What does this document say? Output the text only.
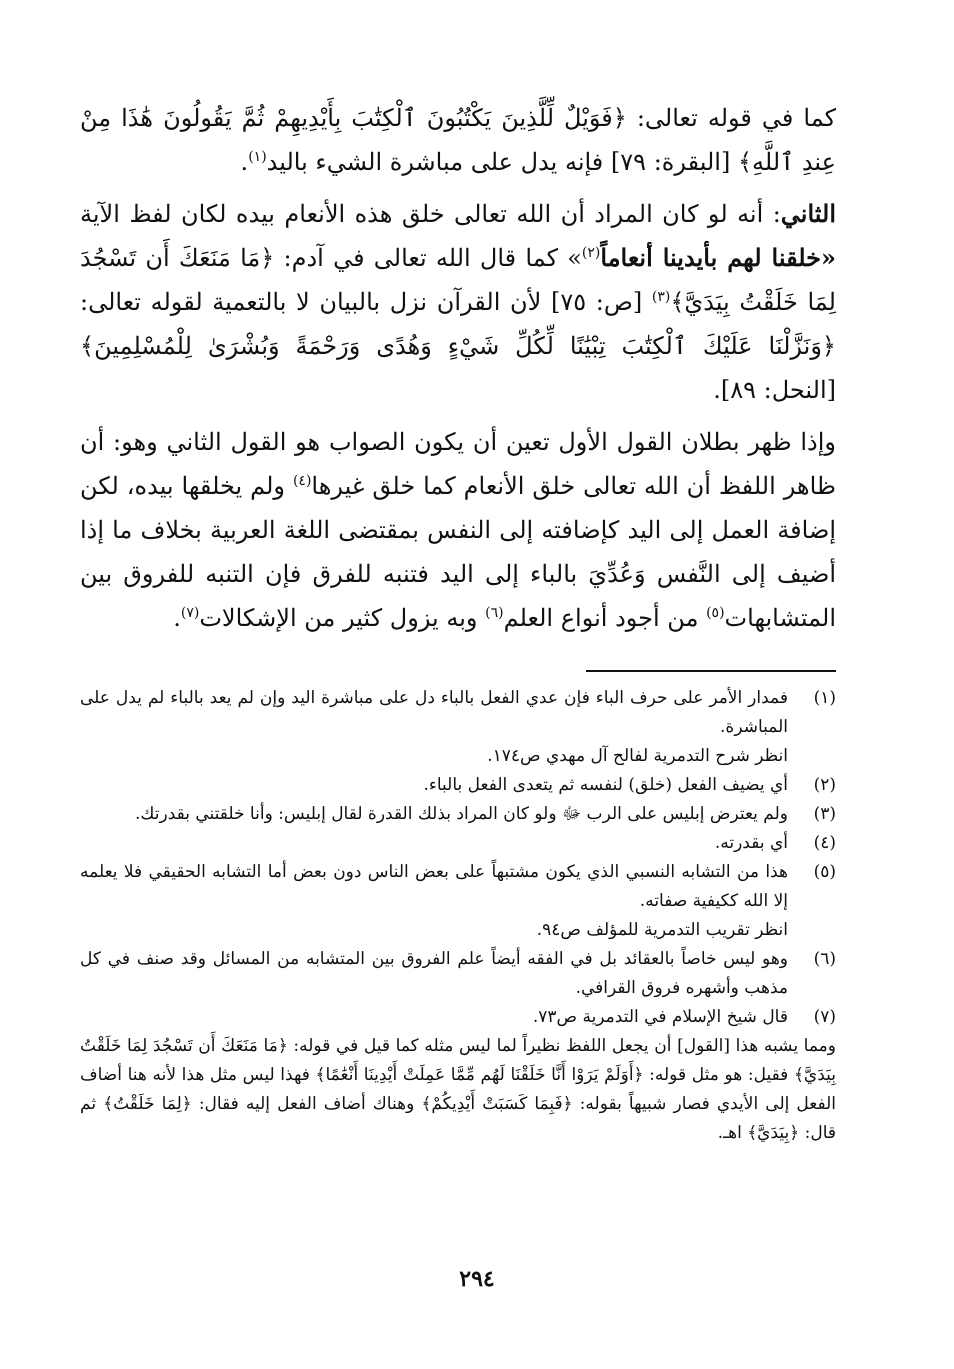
كما في قوله تعالى: ﴿فَوَيْلٌ لِّلَّذِينَ يَكْتُبُونَ ٱلْكِتَٰبَ بِأَيْدِيهِمْ ثُمَّ يَقُولُونَ هَٰذَا مِنْ عِندِ ٱللَّهِ﴾ [البقرة: ٧٩] فإنه يدل على مباشرة الشيء باليد$^{(١)}$.

الثاني: أنه لو كان المراد أن الله تعالى خلق هذه الأنعام بيده لكان لفظ الآية «خلقنا لهم بأيدينا أنعاماً$^{(٢)}$» كما قال الله تعالى في آدم: ﴿مَا مَنَعَكَ أَن تَسْجُدَ لِمَا خَلَقْتُ بِيَدَيَّ﴾$^{(٣)}$ [ص: ٧٥] لأن القرآن نزل بالبيان لا بالتعمية لقوله تعالى: ﴿وَنَزَّلْنَا عَلَيْكَ ٱلْكِتَٰبَ تِبْيَٰنًا لِّكُلِّ شَيْءٍ وَهُدًى وَرَحْمَةً وَبُشْرَىٰ لِلْمُسْلِمِينَ﴾ [النحل: ٨٩].

وإذا ظهر بطلان القول الأول تعين أن يكون الصواب هو القول الثاني وهو: أن ظاهر اللفظ أن الله تعالى خلق الأنعام كما خلق غيرها$^{(٤)}$ ولم يخلقها بيده، لكن إضافة العمل إلى اليد كإضافته إلى النفس بمقتضى اللغة العربية بخلاف ما إذا أضيف إلى النَّفس وَعُدِّيَ بالباء إلى اليد فتنبه للفرق فإن التنبه للفروق بين المتشابهات$^{(٥)}$ من أجود أنواع العلم$^{(٦)}$ وبه يزول كثير من الإشكالات$^{(٧)}$.

(١)
فمدار الأمر على حرف الباء فإن عدي الفعل بالباء دل على مباشرة اليد وإن لم يعد بالباء لم يدل على المباشرة.
انظر شرح التدمرية لفالح آل مهدي ص١٧٤.
(٢)
أي يضيف الفعل (خلق) لنفسه ثم يتعدى الفعل بالباء.
(٣)
ولم يعترض إبليس على الرب ﷻ ولو كان المراد بذلك القدرة لقال إبليس: وأنا خلقتني بقدرتك.
(٤)
أي بقدرته.
(٥)
هذا من التشابه النسبي الذي يكون مشتبهاً على بعض الناس دون بعض أما التشابه الحقيقي فلا يعلمه إلا الله ككيفية صفاته.
انظر تقريب التدمرية للمؤلف ص٩٤.
(٦)
وهو ليس خاصاً بالعقائد بل في الفقه أيضاً علم الفروق بين المتشابه من المسائل وقد صنف في كل مذهب وأشهره فروق القرافي.
(٧)
قال شيخ الإسلام في التدمرية ص٧٣.
ومما يشبه هذا [القول] أن يجعل اللفظ نظيراً لما ليس مثله كما قيل في قوله: ﴿مَا مَنَعَكَ أَن تَسْجُدَ لِمَا خَلَقْتُ بِيَدَيَّ﴾ فقيل: هو مثل قوله: ﴿أَوَلَمْ يَرَوْا أَنَّا خَلَقْنَا لَهُم مِّمَّا عَمِلَتْ أَيْدِينَا أَنْعَٰمًا﴾ فهذا ليس مثل هذا لأنه هنا أضاف الفعل إلى الأيدي فصار شبيهاً بقوله: ﴿فَبِمَا كَسَبَتْ أَيْدِيكُمْ﴾ وهناك أضاف الفعل إليه فقال: ﴿لِمَا خَلَقْتُ﴾ ثم قال: ﴿بِيَدَيَّ﴾ اهـ.
٢٩٤
